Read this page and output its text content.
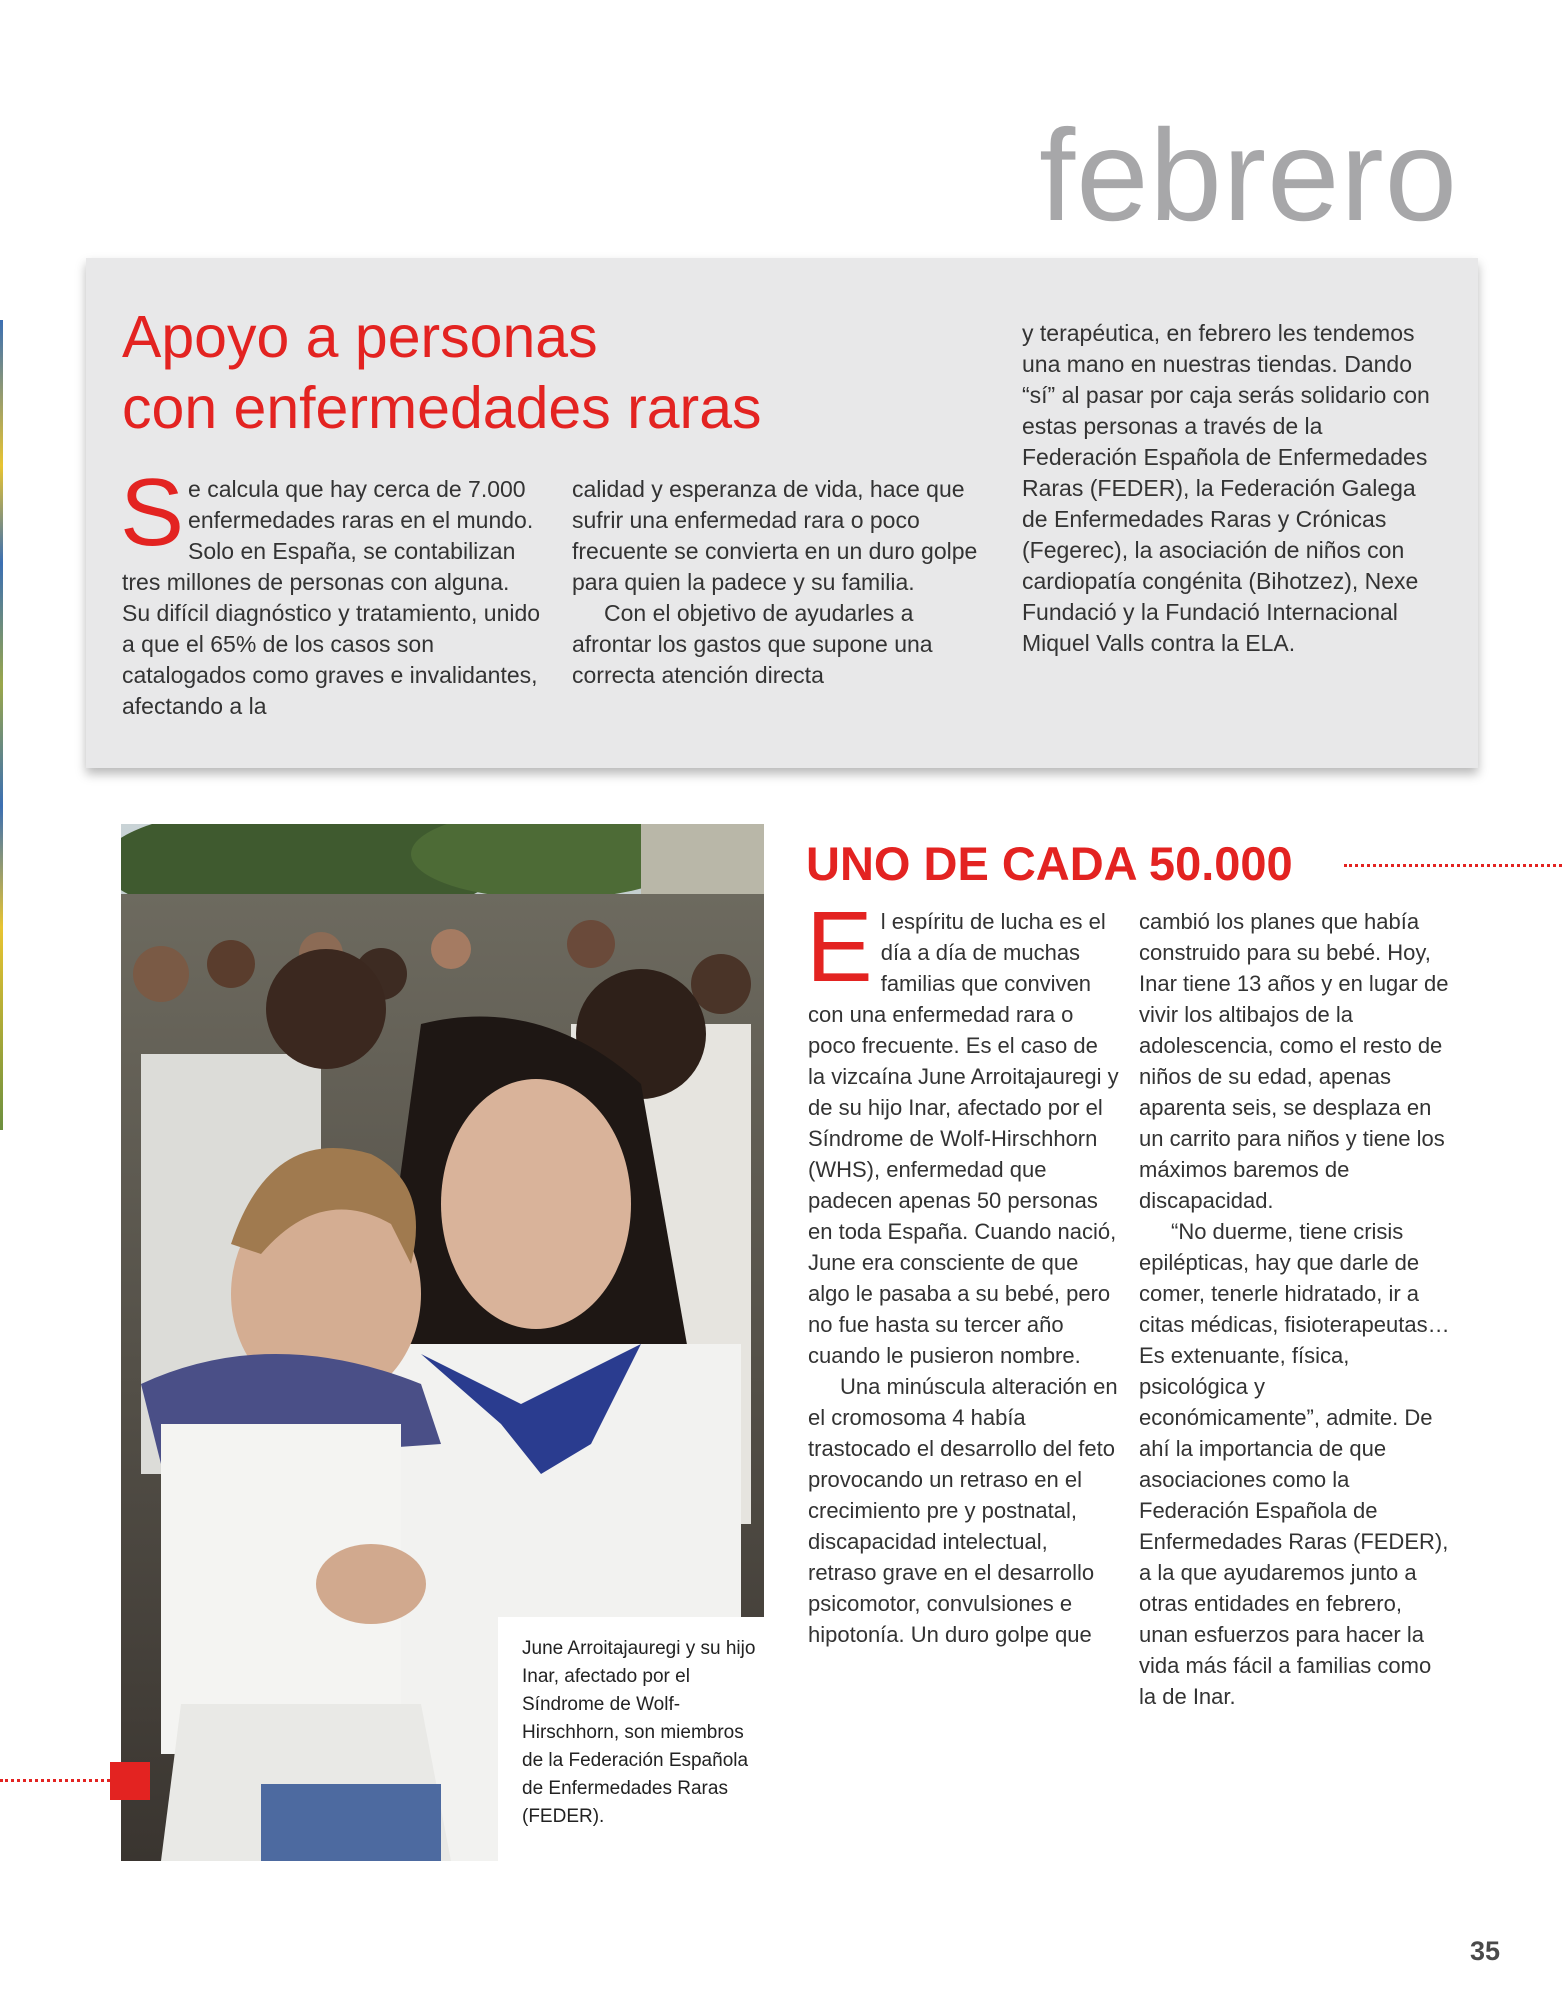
febrero
Apoyo a personas
con enfermedades raras

Se calcula que hay cerca de 7.000 enfermedades raras en el mundo. Solo en España, se contabilizan tres millones de personas con alguna. Su difícil diagnóstico y tratamiento, unido a que el 65% de los casos son catalogados como graves e invalidantes, afectando a la

calidad y esperanza de vida, hace que sufrir una enfermedad rara o poco frecuente se convierta en un duro golpe para quien la padece y su familia.

Con el objetivo de ayudarles a afrontar los gastos que supone una correcta atención directa

y terapéutica, en febrero les tendemos una mano en nuestras tiendas. Dando “sí” al pasar por caja serás solidario con estas personas a través de la Federación Española de Enfermedades Raras (FEDER), la Federación Galega de Enfermedades Raras y Crónicas (Fegerec), la asociación de niños con cardiopatía congénita (Bihotzez), Nexe Fundació y la Fundació Internacional Miquel Valls contra la ELA.

June Arroitajauregi y su hijo Inar, afectado por el Síndrome de Wolf-Hirschhorn, son miembros de la Federación Española de Enfermedades Raras (FEDER).

UNO DE CADA 50.000

El espíritu de lucha es el día a día de muchas familias que conviven con una enfermedad rara o poco frecuente. Es el caso de la vizcaína June Arroitajauregi y de su hijo Inar, afectado por el Síndrome de Wolf-Hirschhorn (WHS), enfermedad que padecen apenas 50 personas en toda España. Cuando nació, June era consciente de que algo le pasaba a su bebé, pero no fue hasta su tercer año cuando le pusieron nombre.

Una minúscula alteración en el cromosoma 4 había trastocado el desarrollo del feto provocando un retraso en el crecimiento pre y postnatal, discapacidad intelectual, retraso grave en el desarrollo psicomotor, convulsiones e hipotonía. Un duro golpe que

cambió los planes que había construido para su bebé. Hoy, Inar tiene 13 años y en lugar de vivir los altibajos de la adolescencia, como el resto de niños de su edad, apenas aparenta seis, se desplaza en un carrito para niños y tiene los máximos baremos de discapacidad.

“No duerme, tiene crisis epilépticas, hay que darle de comer, tenerle hidratado, ir a citas médicas, fisioterapeutas… Es extenuante, física, psicológica y económicamente”, admite. De ahí la importancia de que asociaciones como la Federación Española de Enfermedades Raras (FEDER), a la que ayudaremos junto a otras entidades en febrero, unan esfuerzos para hacer la vida más fácil a familias como la de Inar.

35
